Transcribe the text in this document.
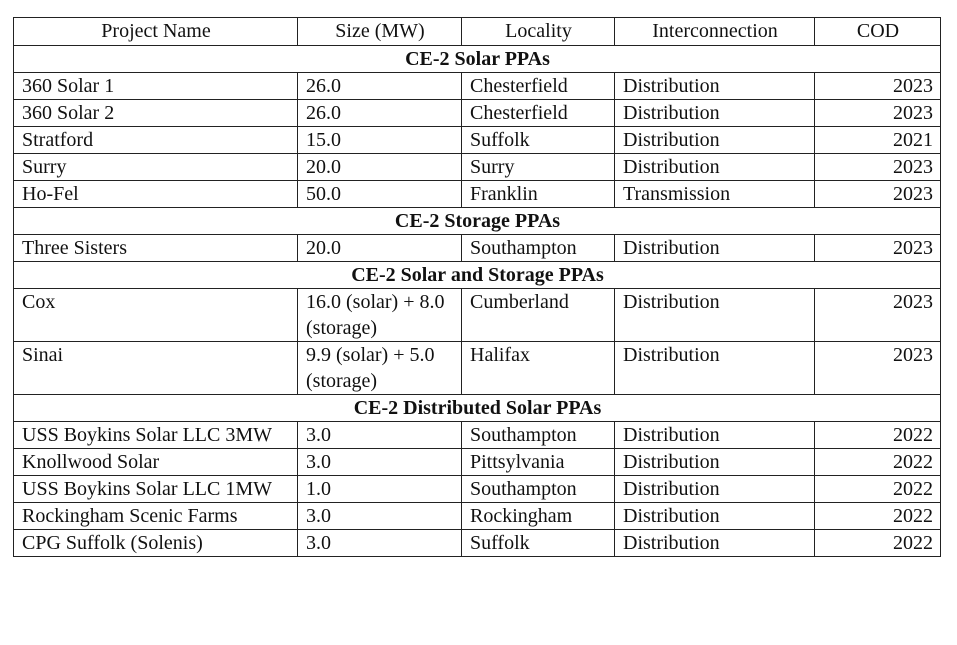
Project Name	Size (MW)	Locality	Interconnection	COD
CE-2 Solar PPAs				
360 Solar 1	26.0	Chesterfield	Distribution	2023
360 Solar 2	26.0	Chesterfield	Distribution	2023
Stratford	15.0	Suffolk	Distribution	2021
Surry	20.0	Surry	Distribution	2023
Ho-Fel	50.0	Franklin	Transmission	2023
CE-2 Storage PPAs				
Three Sisters	20.0	Southampton	Distribution	2023
CE-2 Solar and Storage PPAs				
Cox	16.0 (solar) + 8.0 (storage)	Cumberland	Distribution	2023
Sinai	9.9 (solar) + 5.0 (storage)	Halifax	Distribution	2023
CE-2 Distributed Solar PPAs				
USS Boykins Solar LLC 3MW	3.0	Southampton	Distribution	2022
Knollwood Solar	3.0	Pittsylvania	Distribution	2022
USS Boykins Solar LLC 1MW	1.0	Southampton	Distribution	2022
Rockingham Scenic Farms	3.0	Rockingham	Distribution	2022
CPG Suffolk (Solenis)	3.0	Suffolk	Distribution	2022
